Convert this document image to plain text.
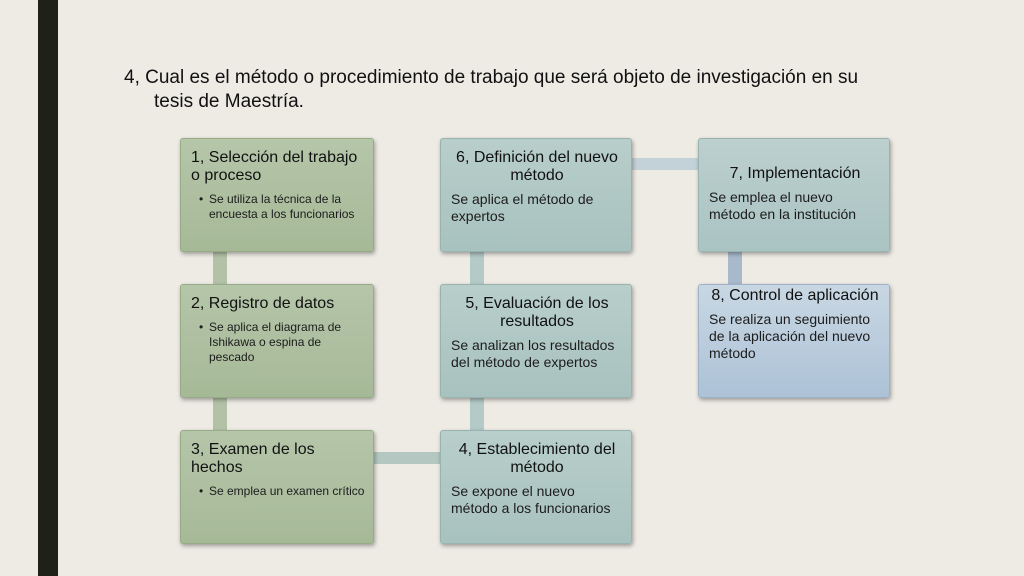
4, Cual es el método o procedimiento de trabajo que será objeto de investigación en su
tesis de Maestría.
1, Selección del trabajo o proceso
• Se utiliza la técnica de la encuesta a los funcionarios
2, Registro de datos
• Se aplica el diagrama de Ishikawa o espina de pescado
3, Examen de los hechos
• Se emplea un examen crítico
4, Establecimiento del método
Se expone el nuevo método a los funcionarios
5, Evaluación de los resultados
Se analizan los resultados del método de expertos
6, Definición del nuevo método
Se aplica el método de expertos
7, Implementación
Se emplea el nuevo método en la institución
8, Control de aplicación
Se realiza un seguimiento de la aplicación del nuevo método
